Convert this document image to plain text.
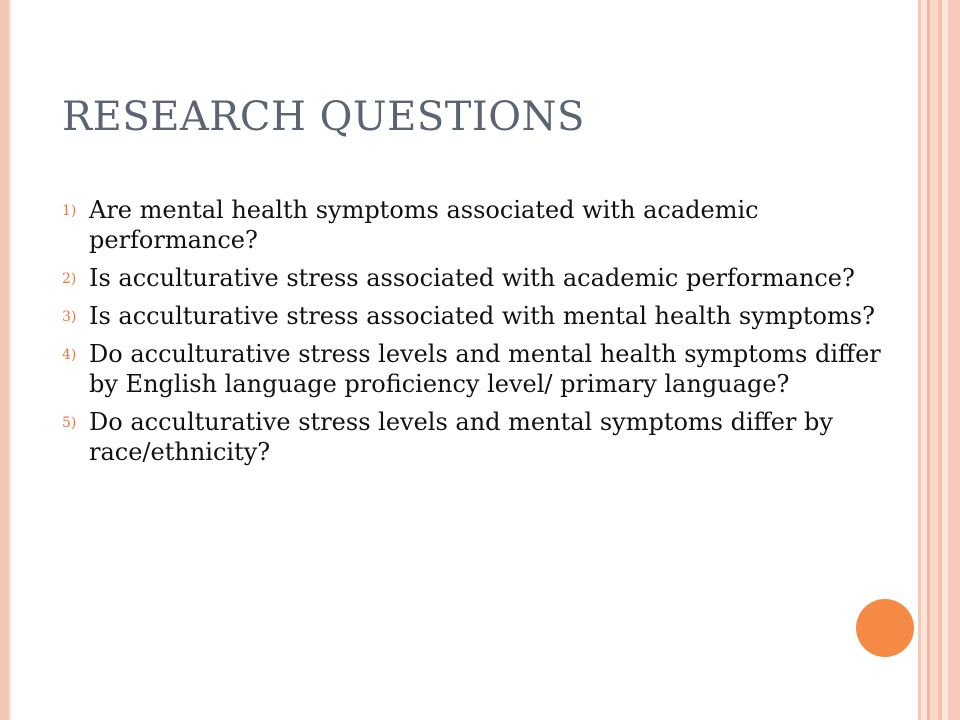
RESEARCH QUESTIONS
1) Are mental health symptoms associated with academic performance?
2) Is acculturative stress associated with academic performance?
3) Is acculturative stress associated with mental health symptoms?
4) Do acculturative stress levels and mental health symptoms differ by English language proficiency level/ primary language?
5) Do acculturative stress levels and mental symptoms differ by race/ethnicity?
